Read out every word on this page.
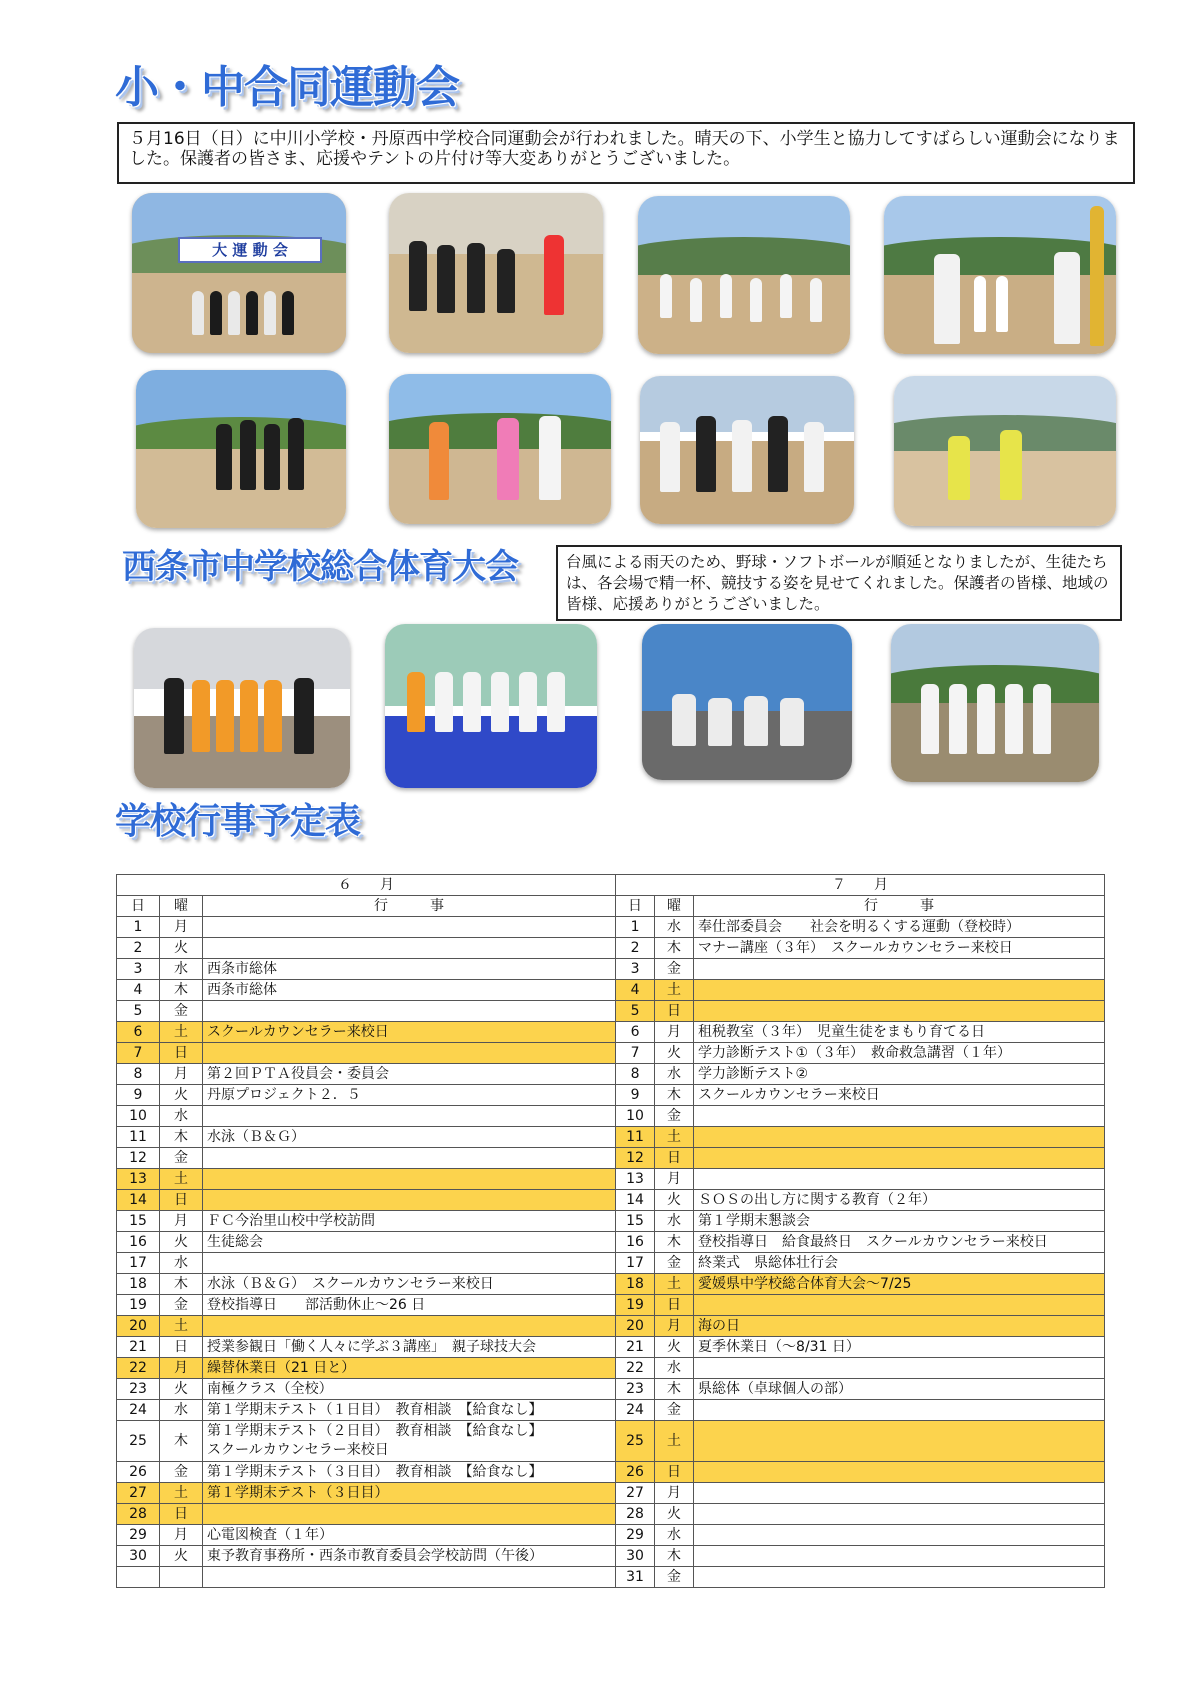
小・中合同運動会
５月16日（日）に中川小学校・丹原西中学校合同運動会が行われました。晴天の下、小学生と協力してすばらしい運動会になりました。保護者の皆さま、応援やテントの片付け等大変ありがとうございました。
大 運 動 会
西条市中学校総合体育大会	台風による雨天のため、野球・ソフトボールが順延となりましたが、生徒たちは、各会場で精一杯、競技する姿を見せてくれました。保護者の皆様、地域の皆様、応援ありがとうございました。
学校行事予定表
６　　月			７　　月		
日	曜	行　　　事	日	曜	行　　　事
1	月		1	水	奉仕部委員会　　社会を明るくする運動（登校時）
2	火		2	木	マナー講座（３年）　スクールカウンセラー来校日
3	水	西条市総体	3	金	
4	木	西条市総体	4	土	
5	金		5	日	
6	土	スクールカウンセラー来校日	6	月	租税教室（３年）　児童生徒をまもり育てる日
7	日		7	火	学力診断テスト①（３年）　救命救急講習（１年）
8	月	第２回ＰＴＡ役員会・委員会	8	水	学力診断テスト②
9	火	丹原プロジェクト２．５	9	木	スクールカウンセラー来校日
10	水		10	金	
11	木	水泳（Ｂ＆Ｇ）	11	土	
12	金		12	日	
13	土		13	月	
14	日		14	火	ＳＯＳの出し方に関する教育（２年）
15	月	ＦＣ今治里山校中学校訪問	15	水	第１学期末懇談会
16	火	生徒総会	16	木	登校指導日　給食最終日　スクールカウンセラー来校日
17	水		17	金	終業式　県総体壮行会
18	木	水泳（Ｂ＆Ｇ）　スクールカウンセラー来校日	18	土	愛媛県中学校総合体育大会～7/25
19	金	登校指導日　　部活動休止～26 日	19	日	
20	土		20	月	海の日
21	日	授業参観日「働く人々に学ぶ３講座」　親子球技大会	21	火	夏季休業日（～8/31 日）
22	月	繰替休業日（21 日と）	22	水	
23	火	南極クラス（全校）	23	木	県総体（卓球個人の部）
24	水	第１学期末テスト（１日目）　教育相談　【給食なし】	24	金	
25	木	第１学期末テスト（２日目）　教育相談　【給食なし】
スクールカウンセラー来校日	25	土	
26	金	第１学期末テスト（３日目）　教育相談　【給食なし】	26	日	
27	土	第１学期末テスト（３日目）	27	月	
28	日		28	火	
29	月	心電図検査（１年）	29	水	
30	火	東予教育事務所・西条市教育委員会学校訪問（午後）	30	木	
			31	金	
